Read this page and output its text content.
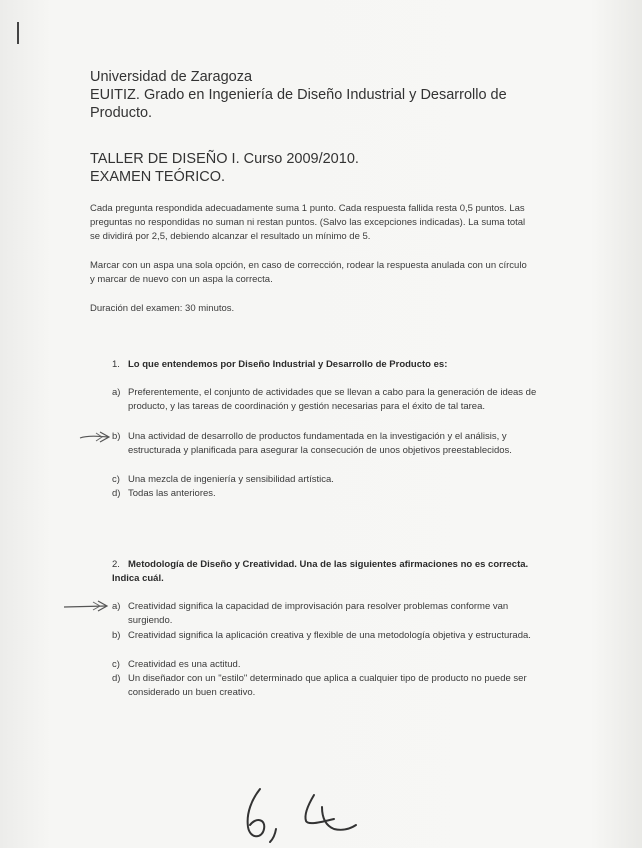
Universidad de Zaragoza
EUITIZ. Grado en Ingeniería de Diseño Industrial y Desarrollo de
Producto.
TALLER DE DISEÑO I. Curso 2009/2010.
EXAMEN TEÓRICO.
Cada pregunta respondida adecuadamente suma 1 punto. Cada respuesta fallida resta 0,5 puntos. Las preguntas no respondidas no suman ni restan puntos. (Salvo las excepciones indicadas). La suma total se dividirá por 2,5, debiendo alcanzar el resultado un mínimo de 5.
Marcar con un aspa una sola opción, en caso de corrección, rodear la respuesta anulada con un círculo y marcar de nuevo con un aspa la correcta.
Duración del examen: 30 minutos.
1. Lo que entendemos por Diseño Industrial y Desarrollo de Producto es:
a) Preferentemente, el conjunto de actividades que se llevan a cabo para la generación de ideas de producto, y las tareas de coordinación y gestión necesarias para el éxito de tal tarea.
b) Una actividad de desarrollo de productos fundamentada en la investigación y el análisis, y estructurada y planificada para asegurar la consecución de unos objetivos preestablecidos.
c) Una mezcla de ingeniería y sensibilidad artística.
d) Todas las anteriores.
2. Metodología de Diseño y Creatividad. Una de las siguientes afirmaciones no es correcta. Indica cuál.
a) Creatividad significa la capacidad de improvisación para resolver problemas conforme van surgiendo.
b) Creatividad significa la aplicación creativa y flexible de una metodología objetiva y estructurada.
c) Creatividad es una actitud.
d) Un diseñador con un "estilo" determinado que aplica a cualquier tipo de producto no puede ser considerado un buen creativo.
